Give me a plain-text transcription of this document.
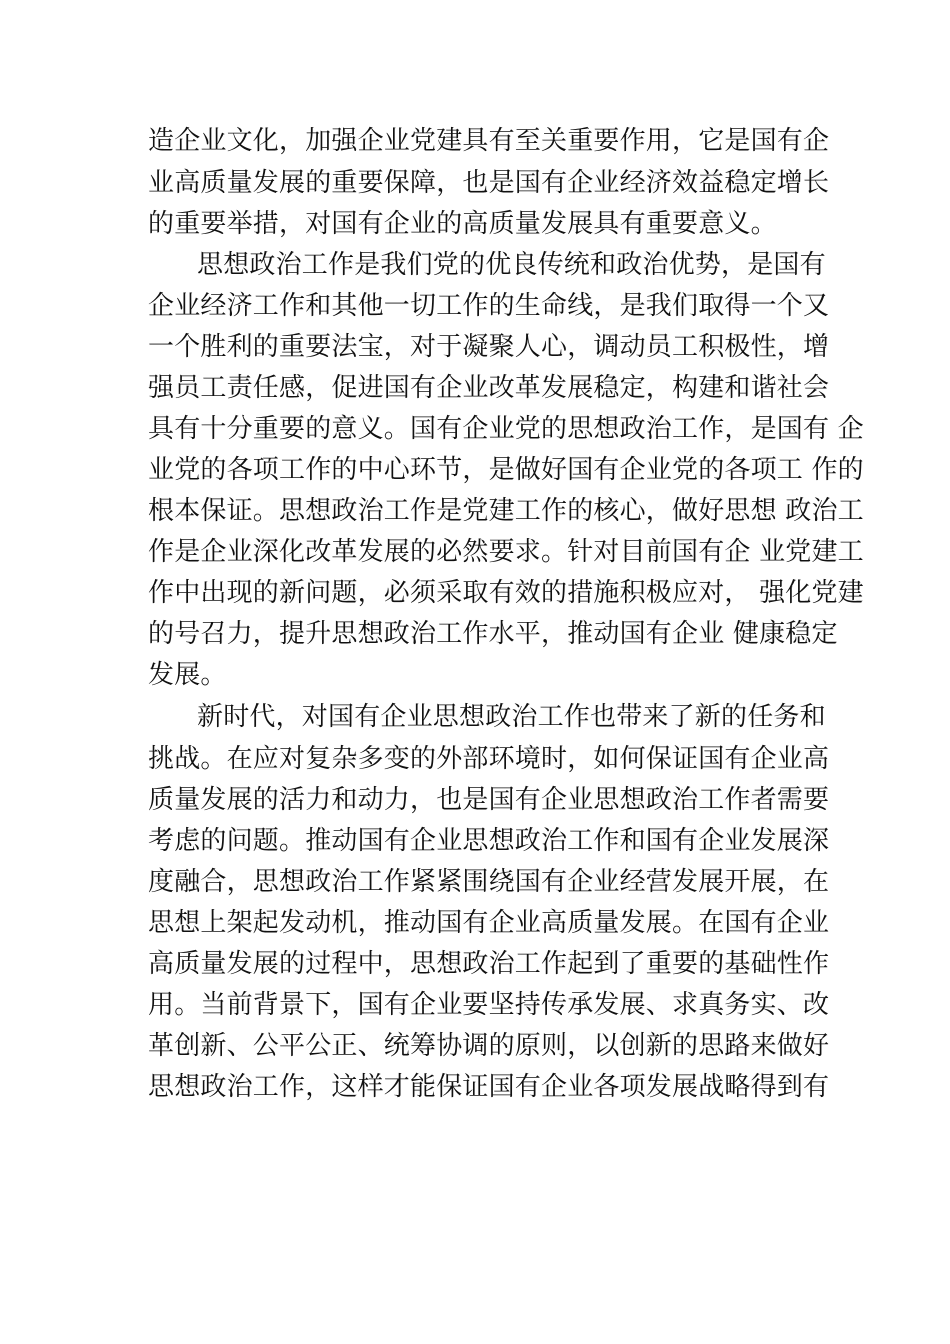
造企业文化，加强企业党建具有至关重要作用，它是国有企

业高质量发展的重要保障，也是国有企业经济效益稳定增长

的重要举措，对国有企业的高质量发展具有重要意义。

思想政治工作是我们党的优良传统和政治优势，是国有

企业经济工作和其他一切工作的生命线，是我们取得一个又

一个胜利的重要法宝，对于凝聚人心，调动员工积极性，增

强员工责任感，促进国有企业改革发展稳定，构建和谐社会

具有十分重要的意义。国有企业党的思想政治工作，是国有 企

业党的各项工作的中心环节，是做好国有企业党的各项工 作的

根本保证。思想政治工作是党建工作的核心，做好思想 政治工

作是企业深化改革发展的必然要求。针对目前国有企 业党建工

作中出现的新问题，必须采取有效的措施积极应对， 强化党建

的号召力，提升思想政治工作水平，推动国有企业 健康稳定

发展。

新时代，对国有企业思想政治工作也带来了新的任务和

挑战。在应对复杂多变的外部环境时，如何保证国有企业高

质量发展的活力和动力，也是国有企业思想政治工作者需要

考虑的问题。推动国有企业思想政治工作和国有企业发展深

度融合，思想政治工作紧紧围绕国有企业经营发展开展，在

思想上架起发动机，推动国有企业高质量发展。在国有企业

高质量发展的过程中，思想政治工作起到了重要的基础性作

用。当前背景下，国有企业要坚持传承发展、求真务实、改

革创新、公平公正、统筹协调的原则，以创新的思路来做好

思想政治工作，这样才能保证国有企业各项发展战略得到有
